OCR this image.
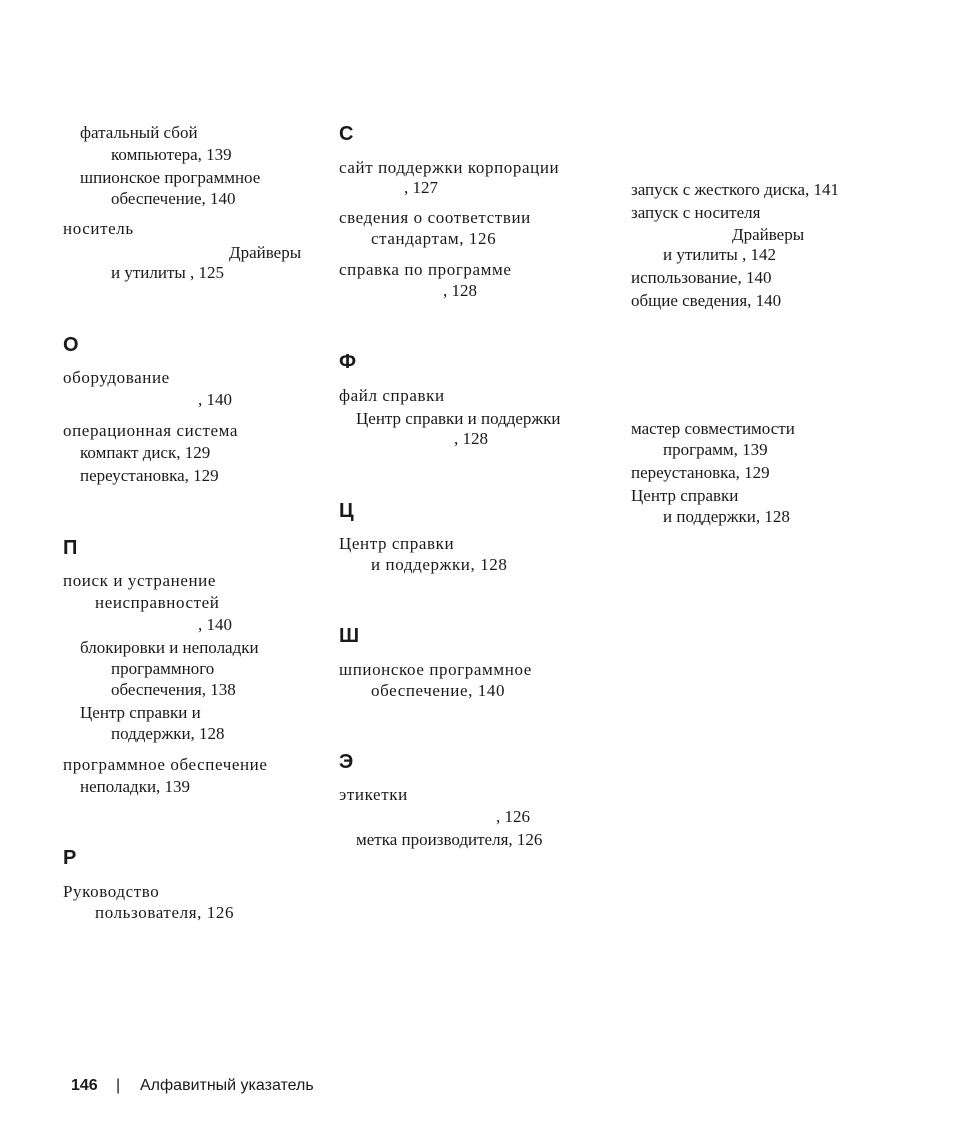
фатальный сбой
компьютера, 139
шпионское программное
обеспечение, 140
носитель
Драйверы
и утилиты , 125
О
оборудование
, 140
операционная система
компакт диск, 129
переустановка, 129
П
поиск и устранение
неисправностей
, 140
блокировки и неполадки
программного
обеспечения, 138
Центр справки и
поддержки, 128
программное обеспечение
неполадки, 139
Р
Руководство
пользователя, 126
С
сайт поддержки корпорации
, 127
сведения о соответствии
стандартам, 126
справка по программе
, 128
Ф
файл справки
Центр справки и поддержки
, 128
Ц
Центр справки
и поддержки, 128
Ш
шпионское программное
обеспечение, 140
Э
этикетки
, 126
метка производителя, 126
запуск с жесткого диска, 141
запуск с носителя
Драйверы
и утилиты , 142
использование, 140
общие сведения, 140
мастер совместимости
программ, 139
переустановка, 129
Центр справки
и поддержки, 128
146 | Алфавитный указатель
